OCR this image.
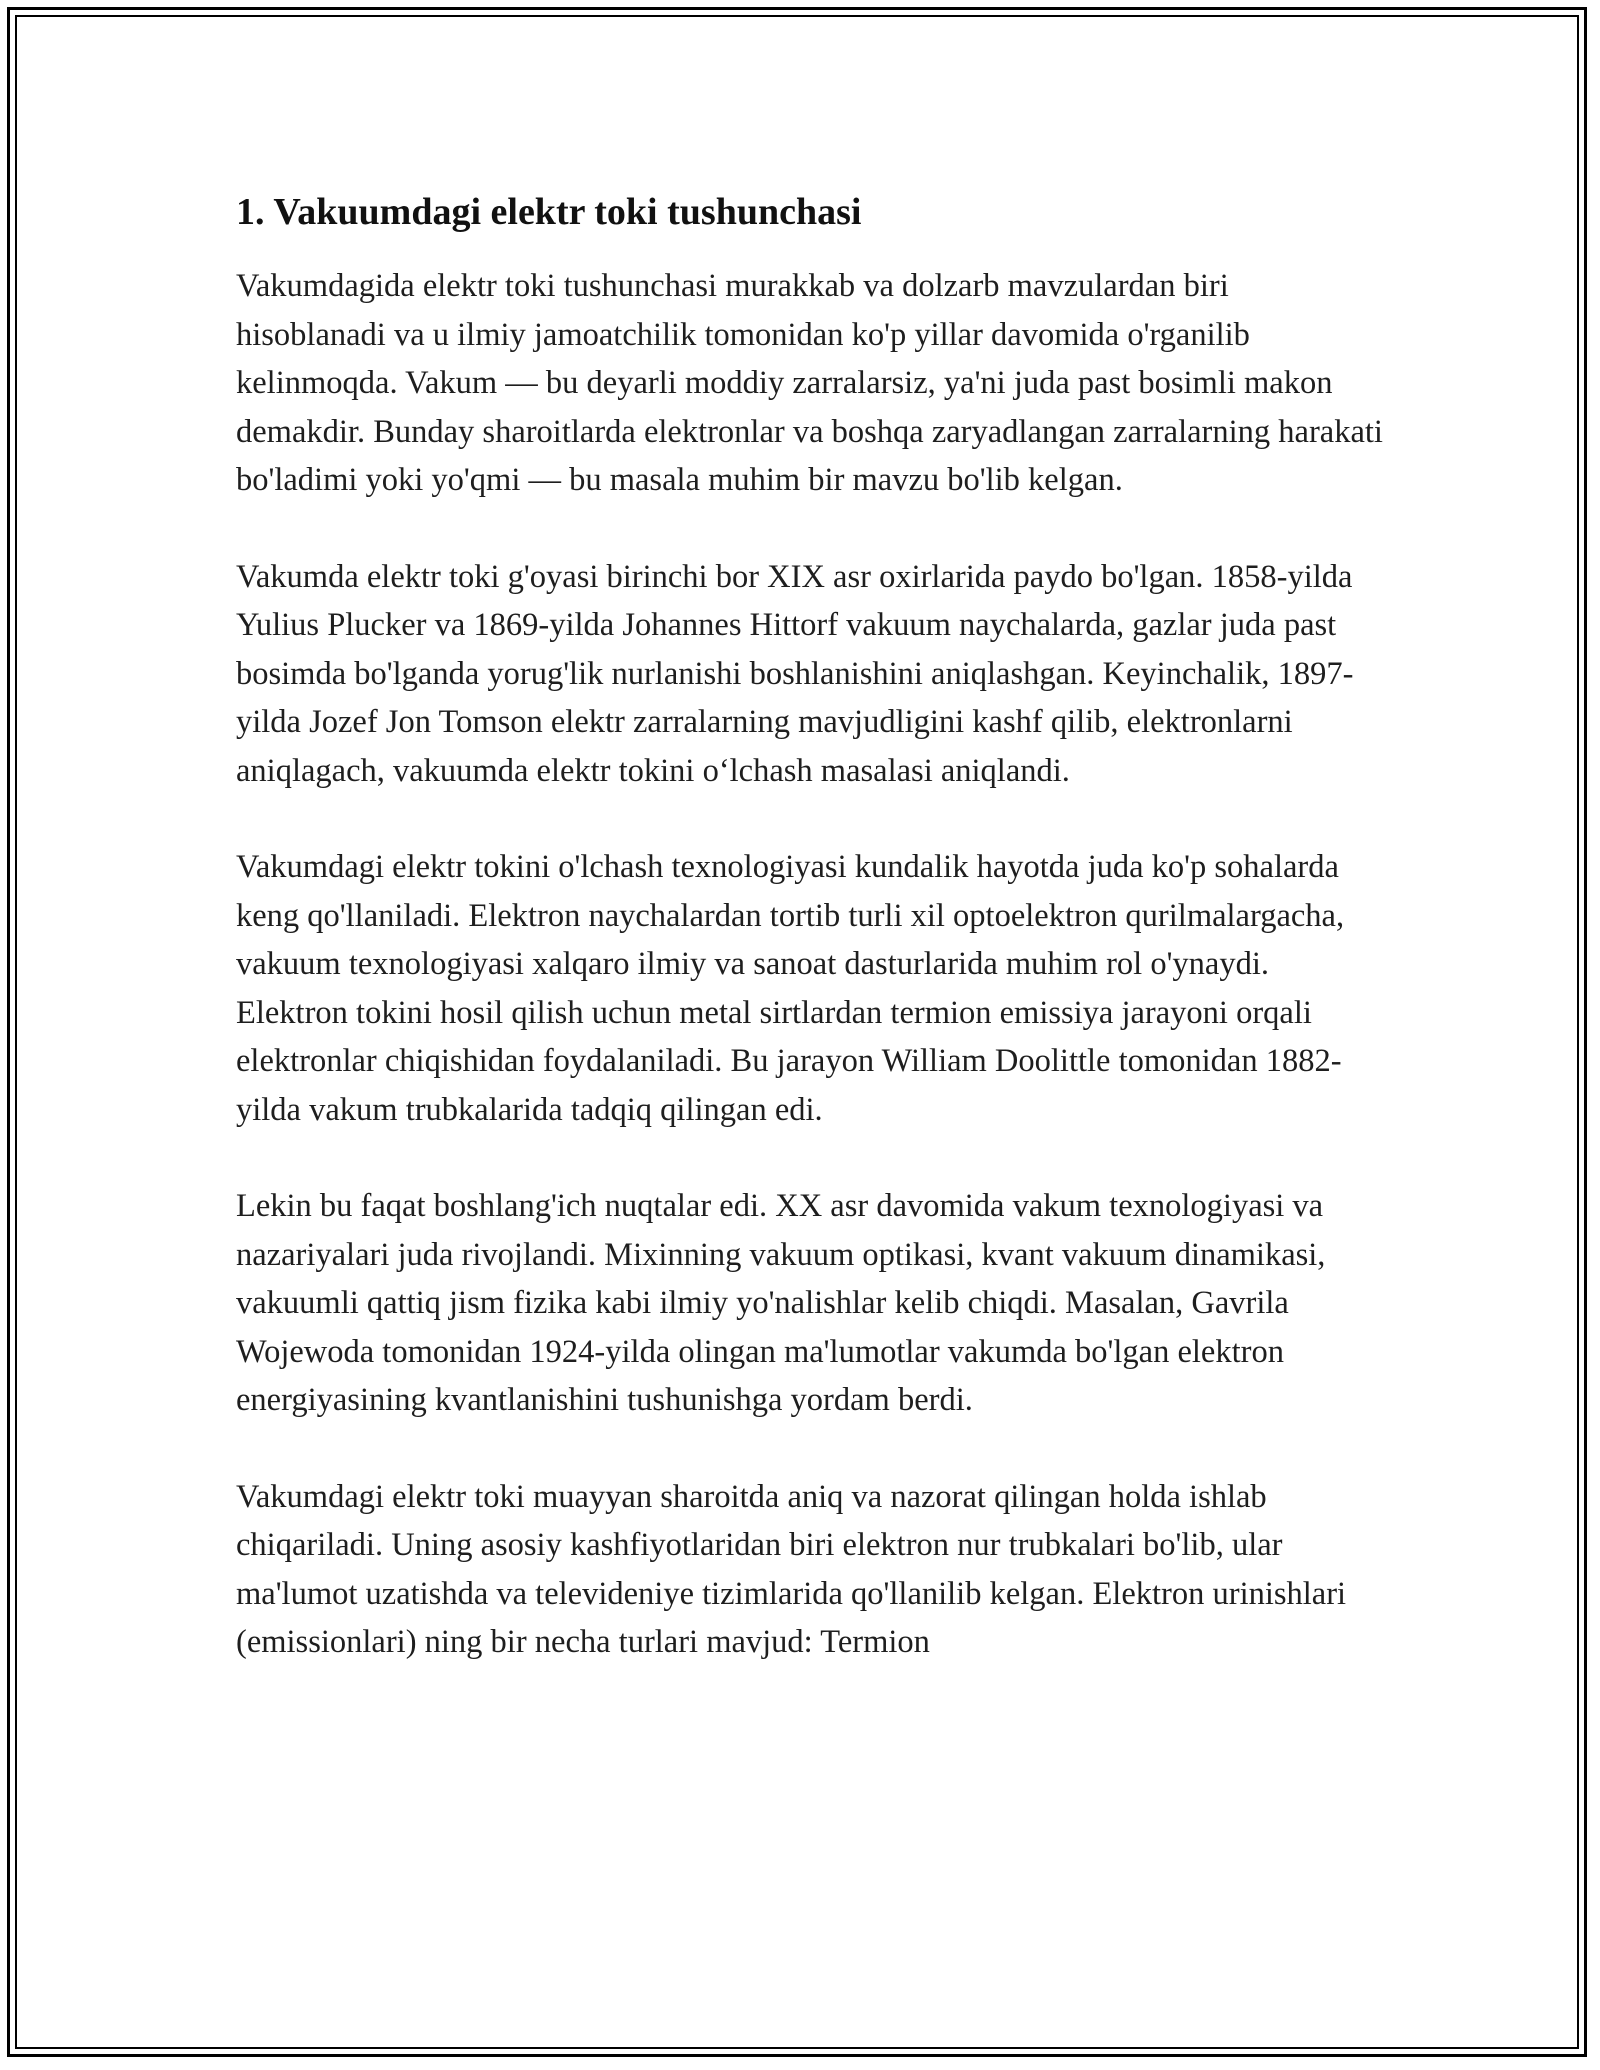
1. Vakuumdagi elektr toki tushunchasi

Vakumdagida elektr toki tushunchasi murakkab va dolzarb mavzulardan biri hisoblanadi va u ilmiy jamoatchilik tomonidan ko'p yillar davomida o'rganilib kelinmoqda. Vakum — bu deyarli moddiy zarralarsiz, ya'ni juda past bosimli makon demakdir. Bunday sharoitlarda elektronlar va boshqa zaryadlangan zarralarning harakati bo'ladimi yoki yo'qmi — bu masala muhim bir mavzu bo'lib kelgan.

Vakumda elektr toki g'oyasi birinchi bor XIX asr oxirlarida paydo bo'lgan. 1858-yilda Yulius Plucker va 1869-yilda Johannes Hittorf vakuum naychalarda, gazlar juda past bosimda bo'lganda yorug'lik nurlanishi boshlanishini aniqlashgan. Keyinchalik, 1897-yilda Jozef Jon Tomson elektr zarralarning mavjudligini kashf qilib, elektronlarni aniqlagach, vakuumda elektr tokini o‘lchash masalasi aniqlandi.

Vakumdagi elektr tokini o'lchash texnologiyasi kundalik hayotda juda ko'p sohalarda keng qo'llaniladi. Elektron naychalardan tortib turli xil optoelektron qurilmalargacha, vakuum texnologiyasi xalqaro ilmiy va sanoat dasturlarida muhim rol o'ynaydi. Elektron tokini hosil qilish uchun metal sirtlardan termion emissiya jarayoni orqali elektronlar chiqishidan foydalaniladi. Bu jarayon William Doolittle tomonidan 1882-yilda vakum trubkalarida tadqiq qilingan edi.

Lekin bu faqat boshlang'ich nuqtalar edi. XX asr davomida vakum texnologiyasi va nazariyalari juda rivojlandi. Mixinning vakuum optikasi, kvant vakuum dinamikasi, vakuumli qattiq jism fizika kabi ilmiy yo'nalishlar kelib chiqdi. Masalan, Gavrila Wojewoda tomonidan 1924-yilda olingan ma'lumotlar vakumda bo'lgan elektron energiyasining kvantlanishini tushunishga yordam berdi.

Vakumdagi elektr toki muayyan sharoitda aniq va nazorat qilingan holda ishlab chiqariladi. Uning asosiy kashfiyotlaridan biri elektron nur trubkalari bo'lib, ular ma'lumot uzatishda va televideniye tizimlarida qo'llanilib kelgan. Elektron urinishlari (emissionlari) ning bir necha turlari mavjud: Termion
